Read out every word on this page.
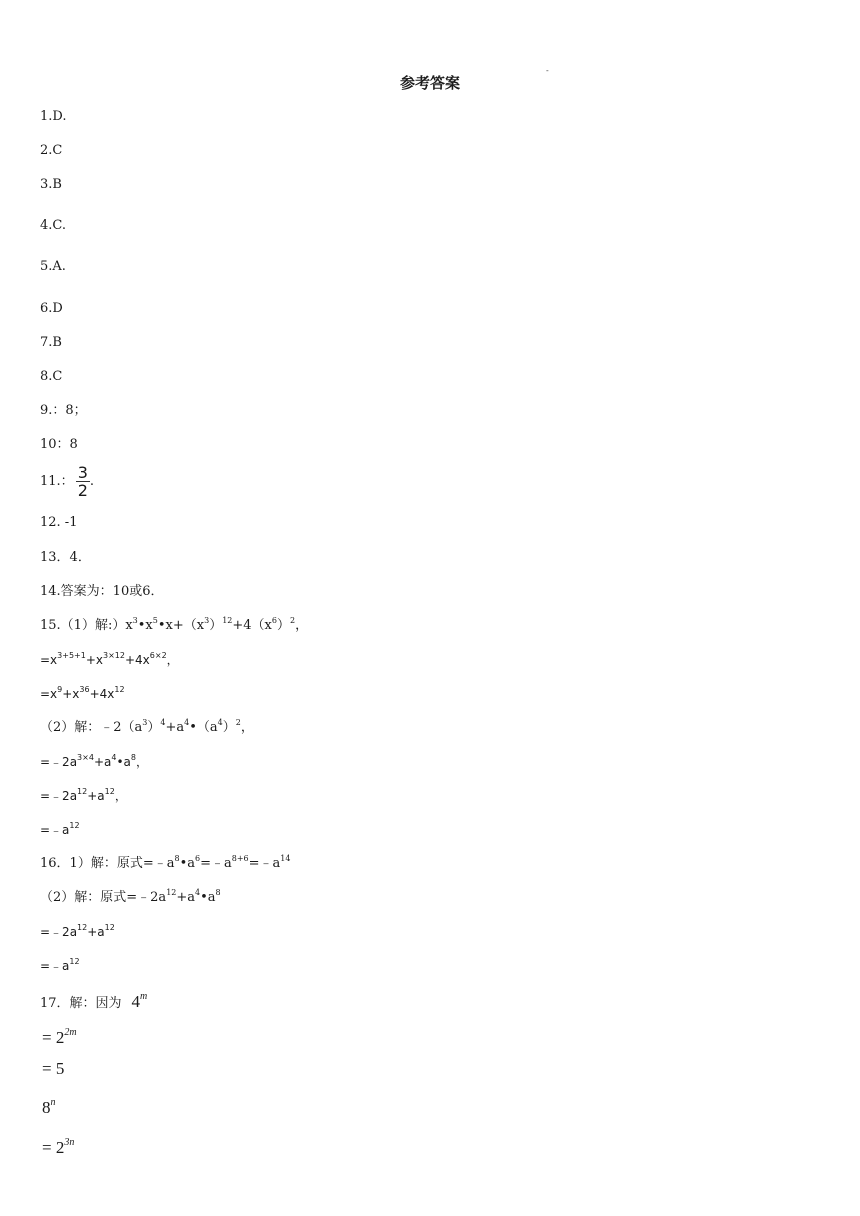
参考答案
-
1.D.
2.C
3.B
4.C.
5.A.
6.D
7.B
8.C
9.：8；
10：8
11.： $\frac{3}{2}$ .
12. -1
13．4．
14.答案为：10或6．
15.（1）解$:)x^3•x^5•x+(x^3)^{12}+4(x^6)^2$，
$=x^{3+5+1}+x^{3\times 12}+4x^{6\times 2}$，
$=x^9+x^{36}+4x^{12}$
（2）解：$﹣2(a^3)^4+a^4•(a^4)^2$，
$=﹣2a^{3\times 4}+a^4•a^8$，
$=﹣2a^{12}+a^{12}$，
$=﹣a^{12}$
16．1）解：原式$=﹣a^8•a^6=﹣a^{8+6}=﹣a^{14}$
（2）解：原式$=﹣2a^{12}+a^4•a^8$
$=﹣2a^{12}+a^{12}$
$=﹣a^{12}$
17．解：因为 $4^m$
= $2^{2m}$
= 5
$8^n$
= $2^{3n}$
